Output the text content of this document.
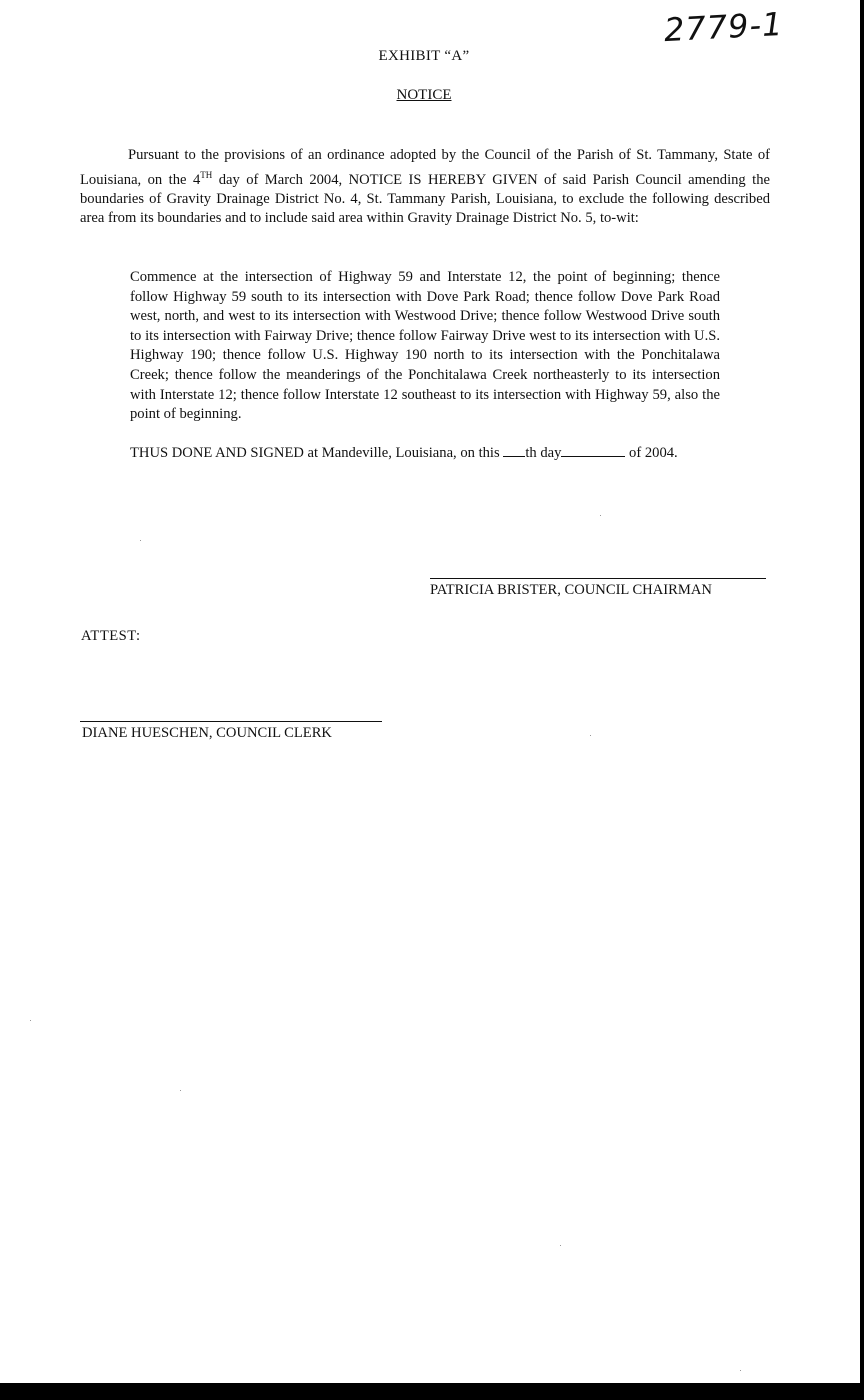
2779-1
EXHIBIT “A”
NOTICE
Pursuant to the provisions of an ordinance adopted by the Council of the Parish of St. Tammany, State of Louisiana, on the 4TH day of March 2004, NOTICE IS HEREBY GIVEN of said Parish Council amending the boundaries of Gravity Drainage District No. 4, St. Tammany Parish, Louisiana, to exclude the following described area from its boundaries and to include said area within Gravity Drainage District No. 5, to-wit:
Commence at the intersection of Highway 59 and Interstate 12, the point of beginning; thence follow Highway 59 south to its intersection with Dove Park Road; thence follow Dove Park Road west, north, and west to its intersection with Westwood Drive; thence follow Westwood Drive south to its intersection with Fairway Drive; thence follow Fairway Drive west to its intersection with U.S. Highway 190; thence follow U.S. Highway 190 north to its intersection with the Ponchitalawa Creek; thence follow the meanderings of the Ponchitalawa Creek northeasterly to its intersection with Interstate 12; thence follow Interstate 12 southeast to its intersection with Highway 59, also the point of beginning.
THUS DONE AND SIGNED at Mandeville, Louisiana, on this th day	of 2004.
PATRICIA BRISTER, COUNCIL CHAIRMAN
ATTEST:
DIANE HUESCHEN, COUNCIL CLERK
